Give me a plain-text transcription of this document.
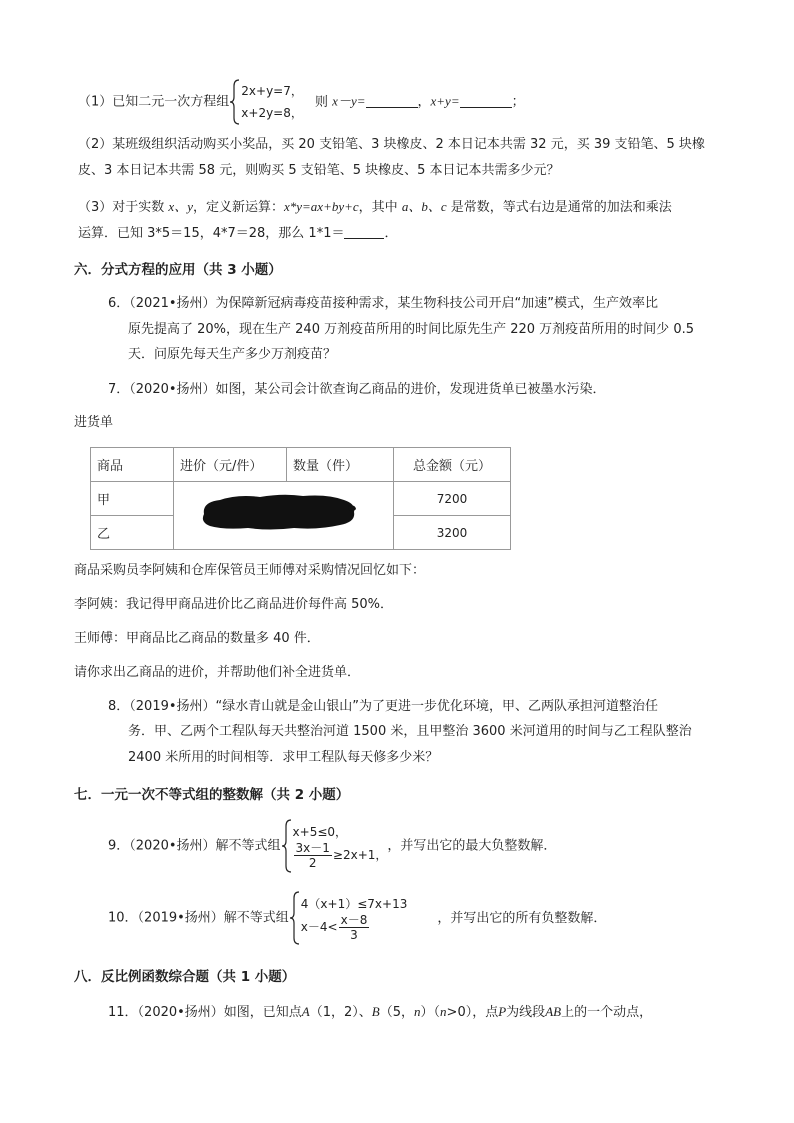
（1）已知二元一次方程组
2x+y=7，
x+2y=8，
则 x－y=	，x+y=	；
（2）某班级组织活动购买小奖品，买 20 支铅笔、3 块橡皮、2 本日记本共需 32 元，买 39 支铅笔、5 块橡
皮、3 本日记本共需 58 元，则购买 5 支铅笔、5 块橡皮、5 本日记本共需多少元？
（3）对于实数 x、y，定义新运算：x*y=ax+by+c，其中 a、b、c 是常数，等式右边是通常的加法和乘法
运算．已知 3*5＝15，4*7＝28，那么 1*1＝	．
六．分式方程的应用（共 3 小题）
6．（2021•扬州）为保障新冠病毒疫苗接种需求，某生物科技公司开启“加速”模式，生产效率比
原先提高了 20%，现在生产 240 万剂疫苗所用的时间比原先生产 220 万剂疫苗所用的时间少 0.5
天．问原先每天生产多少万剂疫苗？
7．（2020•扬州）如图，某公司会计欲查询乙商品的进价，发现进货单已被墨水污染．
进货单
商品	进价（元/件）	数量（件）	总金额（元）
甲			7200
乙			3200
商品采购员李阿姨和仓库保管员王师傅对采购情况回忆如下：
李阿姨：我记得甲商品进价比乙商品进价每件高 50%．
王师傅：甲商品比乙商品的数量多 40 件．
请你求出乙商品的进价，并帮助他们补全进货单．
8．（2019•扬州）“绿水青山就是金山银山”为了更进一步优化环境，甲、乙两队承担河道整治任
务．甲、乙两个工程队每天共整治河道 1500 米，且甲整治 3600 米河道用的时间与乙工程队整治
2400 米所用的时间相等．求甲工程队每天修多少米？
七．一元一次不等式组的整数解（共 2 小题）
9．（2020•扬州）解不等式组
x+5≤0，
$\frac{3x-1}{2} \ge 2x+1$，
，并写出它的最大负整数解．
10．（2019•扬州）解不等式组
4（x+1）≤7x+13
$x-4< \frac{x-8}{3}$	，并写出它的所有负整数解．
八．反比例函数综合题（共 1 小题）
11．（2020•扬州）如图，已知点A（1，2）、B（5，n）（n>0），点P为线段AB上的一个动点，
